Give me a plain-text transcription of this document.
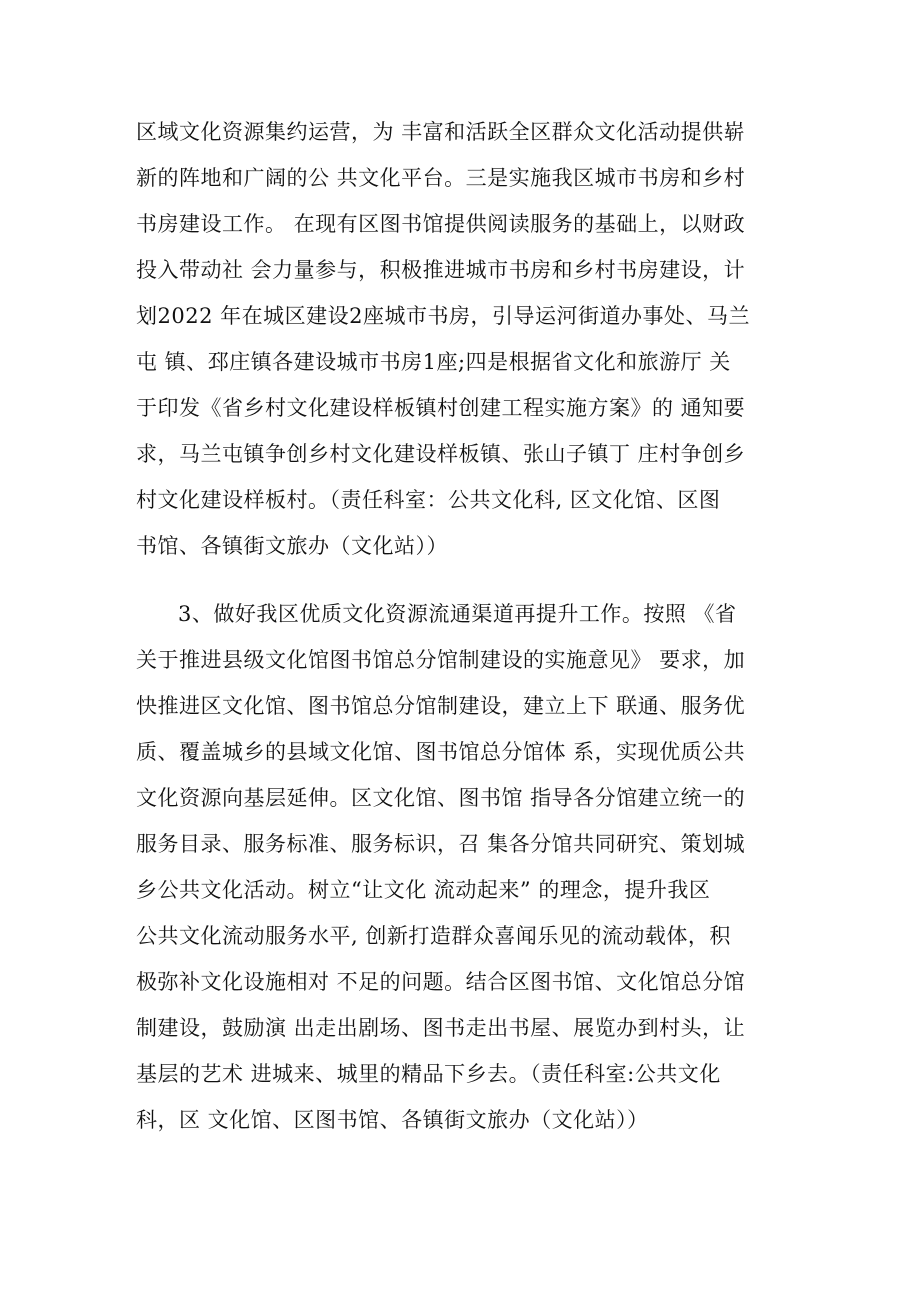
区域文化资源集约运营，为 丰富和活跃全区群众文化活动提供崭
新的阵地和广阔的公 共文化平台。三是实施我区城市书房和乡村
书房建设工作。 在现有区图书馆提供阅读服务的基础上，以财政
投入带动社 会力量参与，积极推进城市书房和乡村书房建设，计
划2022 年在城区建设2座城市书房，引导运河街道办事处、马兰
屯 镇、邳庄镇各建设城市书房1座;四是根据省文化和旅游厅 关
于印发《省乡村文化建设样板镇村创建工程实施方案》的 通知要
求，马兰屯镇争创乡村文化建设样板镇、张山子镇丁 庄村争创乡
村文化建设样板村。（责任科室：公共文化科, 区文化馆、区图
书馆、各镇街文旅办（文化站））
3、做好我区优质文化资源流通渠道再提升工作。按照 《省
关于推进县级文化馆图书馆总分馆制建设的实施意见》 要求，加
快推进区文化馆、图书馆总分馆制建设，建立上下 联通、服务优
质、覆盖城乡的县域文化馆、图书馆总分馆体 系，实现优质公共
文化资源向基层延伸。区文化馆、图书馆 指导各分馆建立统一的
服务目录、服务标准、服务标识，召 集各分馆共同研究、策划城
乡公共文化活动。树立“让文化 流动起来” 的理念，提升我区
公共文化流动服务水平, 创新打造群众喜闻乐见的流动载体，积
极弥补文化设施相对 不足的问题。结合区图书馆、文化馆总分馆
制建设，鼓励演 出走出剧场、图书走出书屋、展览办到村头，让
基层的艺术 进城来、城里的精品下乡去。（责任科室:公共文化
科，区 文化馆、区图书馆、各镇街文旅办（文化站））
